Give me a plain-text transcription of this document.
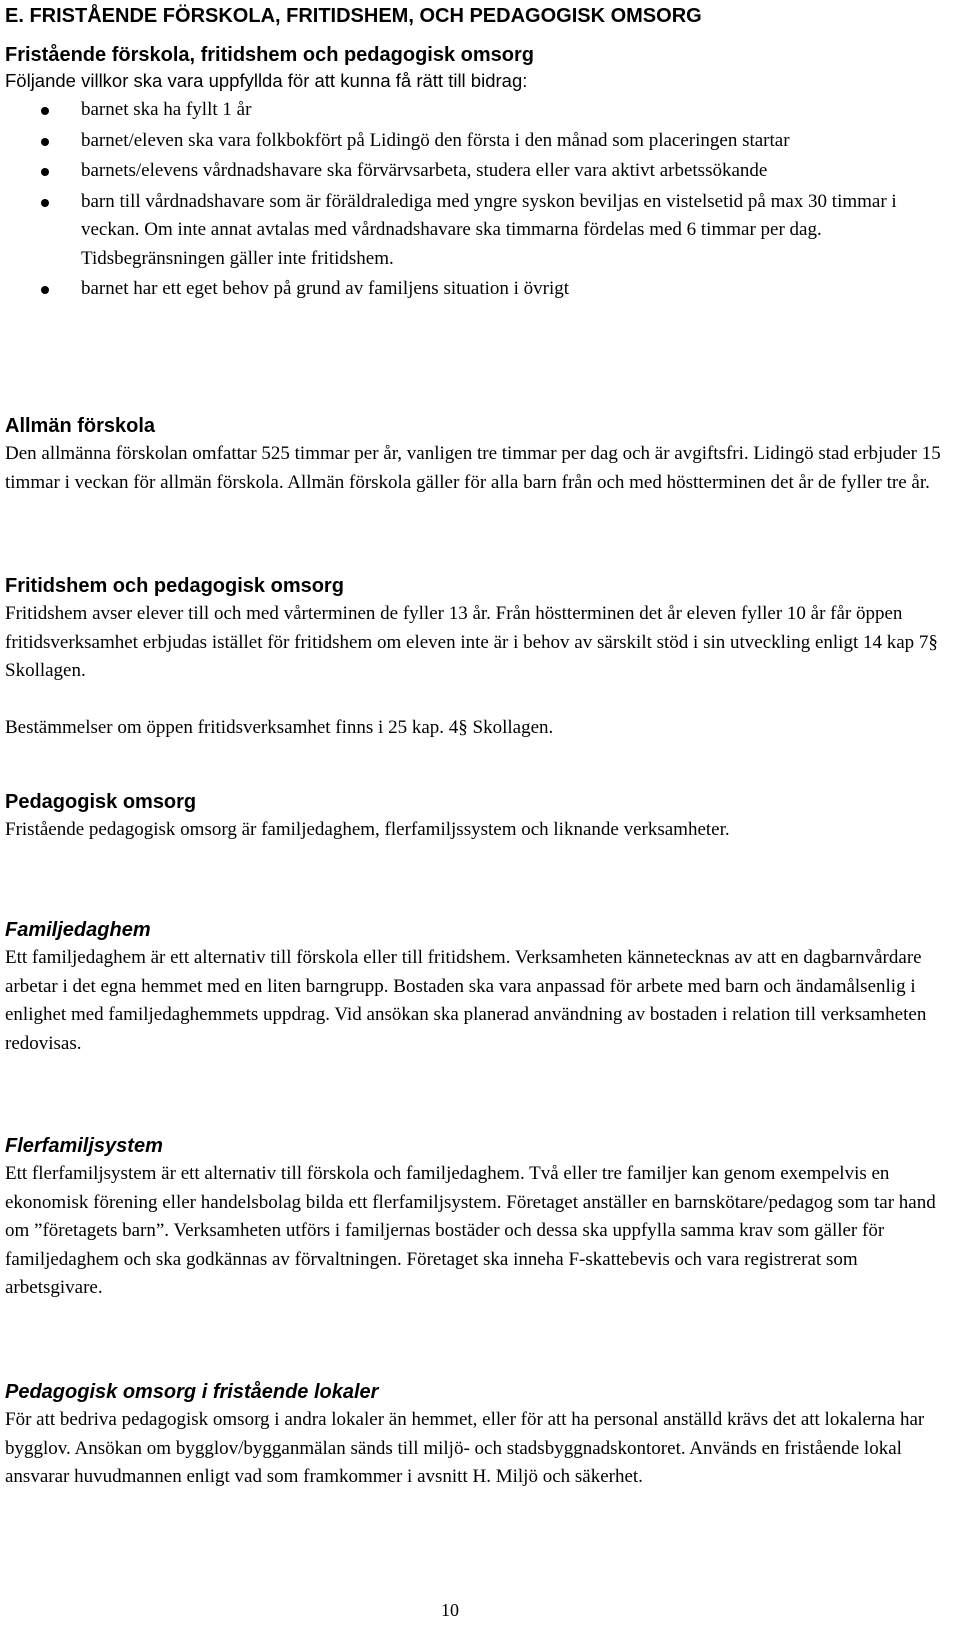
E. FRISTÅENDE FÖRSKOLA, FRITIDSHEM, OCH PEDAGOGISK OMSORG
Fristående förskola, fritidshem och pedagogisk omsorg

Följande villkor ska vara uppfyllda för att kunna få rätt till bidrag:

barnet ska ha fyllt 1 år
barnet/eleven ska vara folkbokfört på Lidingö den första i den månad som placeringen startar
barnets/elevens vårdnadshavare ska förvärvsarbeta, studera eller vara aktivt arbetssökande
barn till vårdnadshavare som är föräldralediga med yngre syskon beviljas en vistelsetid på max 30 timmar i veckan. Om inte annat avtalas med vårdnadshavare ska timmarna fördelas med 6 timmar per dag. Tidsbegränsningen gäller inte fritidshem.
barnet har ett eget behov på grund av familjens situation i övrigt
Allmän förskola

Den allmänna förskolan omfattar 525 timmar per år, vanligen tre timmar per dag och är avgiftsfri. Lidingö stad erbjuder 15 timmar i veckan för allmän förskola. Allmän förskola gäller för alla barn från och med höstterminen det år de fyller tre år.

Fritidshem och pedagogisk omsorg

Fritidshem avser elever till och med vårterminen de fyller 13 år. Från höstterminen det år eleven fyller 10 år får öppen fritidsverksamhet erbjudas istället för fritidshem om eleven inte är i behov av särskilt stöd i sin utveckling enligt 14 kap 7§ Skollagen.

Bestämmelser om öppen fritidsverksamhet finns i 25 kap. 4§ Skollagen.

Pedagogisk omsorg

Fristående pedagogisk omsorg är familjedaghem, flerfamiljssystem och liknande verksamheter.

Familjedaghem

Ett familjedaghem är ett alternativ till förskola eller till fritidshem. Verksamheten kännetecknas av att en dagbarnvårdare arbetar i det egna hemmet med en liten barngrupp. Bostaden ska vara anpassad för arbete med barn och ändamålsenlig i enlighet med familjedaghemmets uppdrag. Vid ansökan ska planerad användning av bostaden i relation till verksamheten redovisas.

Flerfamiljsystem

Ett flerfamiljsystem är ett alternativ till förskola och familjedaghem. Två eller tre familjer kan genom exempelvis en ekonomisk förening eller handelsbolag bilda ett flerfamiljsystem. Företaget anställer en barnskötare/pedagog som tar hand om ”företagets barn”. Verksamheten utförs i familjernas bostäder och dessa ska uppfylla samma krav som gäller för familjedaghem och ska godkännas av förvaltningen. Företaget ska inneha F-skattebevis och vara registrerat som arbetsgivare.

Pedagogisk omsorg i fristående lokaler

För att bedriva pedagogisk omsorg i andra lokaler än hemmet, eller för att ha personal anställd krävs det att lokalerna har bygglov. Ansökan om bygglov/bygganmälan sänds till miljö- och stadsbyggnadskontoret. Används en fristående lokal ansvarar huvudmannen enligt vad som framkommer i avsnitt H. Miljö och säkerhet.

10
